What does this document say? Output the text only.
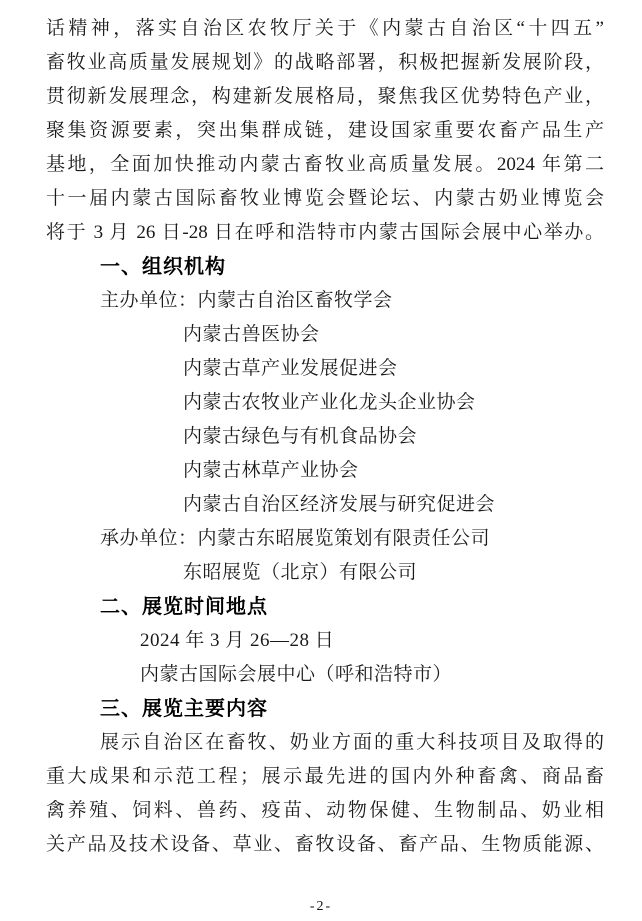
话精神，落实自治区农牧厅关于《内蒙古自治区“十四五”
畜牧业高质量发展规划》的战略部署，积极把握新发展阶段，
贯彻新发展理念，构建新发展格局，聚焦我区优势特色产业，
聚集资源要素，突出集群成链，建设国家重要农畜产品生产
基地，全面加快推动内蒙古畜牧业高质量发展。2024 年第二
十一届内蒙古国际畜牧业博览会暨论坛、内蒙古奶业博览会
将于 3 月 26 日-28 日在呼和浩特市内蒙古国际会展中心举办。
一、组织机构
主办单位：内蒙古自治区畜牧学会
内蒙古兽医协会
内蒙古草产业发展促进会
内蒙古农牧业产业化龙头企业协会
内蒙古绿色与有机食品协会
内蒙古林草产业协会
内蒙古自治区经济发展与研究促进会
承办单位：内蒙古东昭展览策划有限责任公司
东昭展览（北京）有限公司
二、展览时间地点
2024 年 3 月 26—28 日
内蒙古国际会展中心（呼和浩特市）
三、展览主要内容
展示自治区在畜牧、奶业方面的重大科技项目及取得的
重大成果和示范工程；展示最先进的国内外种畜禽、商品畜
禽养殖、饲料、兽药、疫苗、动物保健、生物制品、奶业相
关产品及技术设备、草业、畜牧设备、畜产品、生物质能源、
-2-
